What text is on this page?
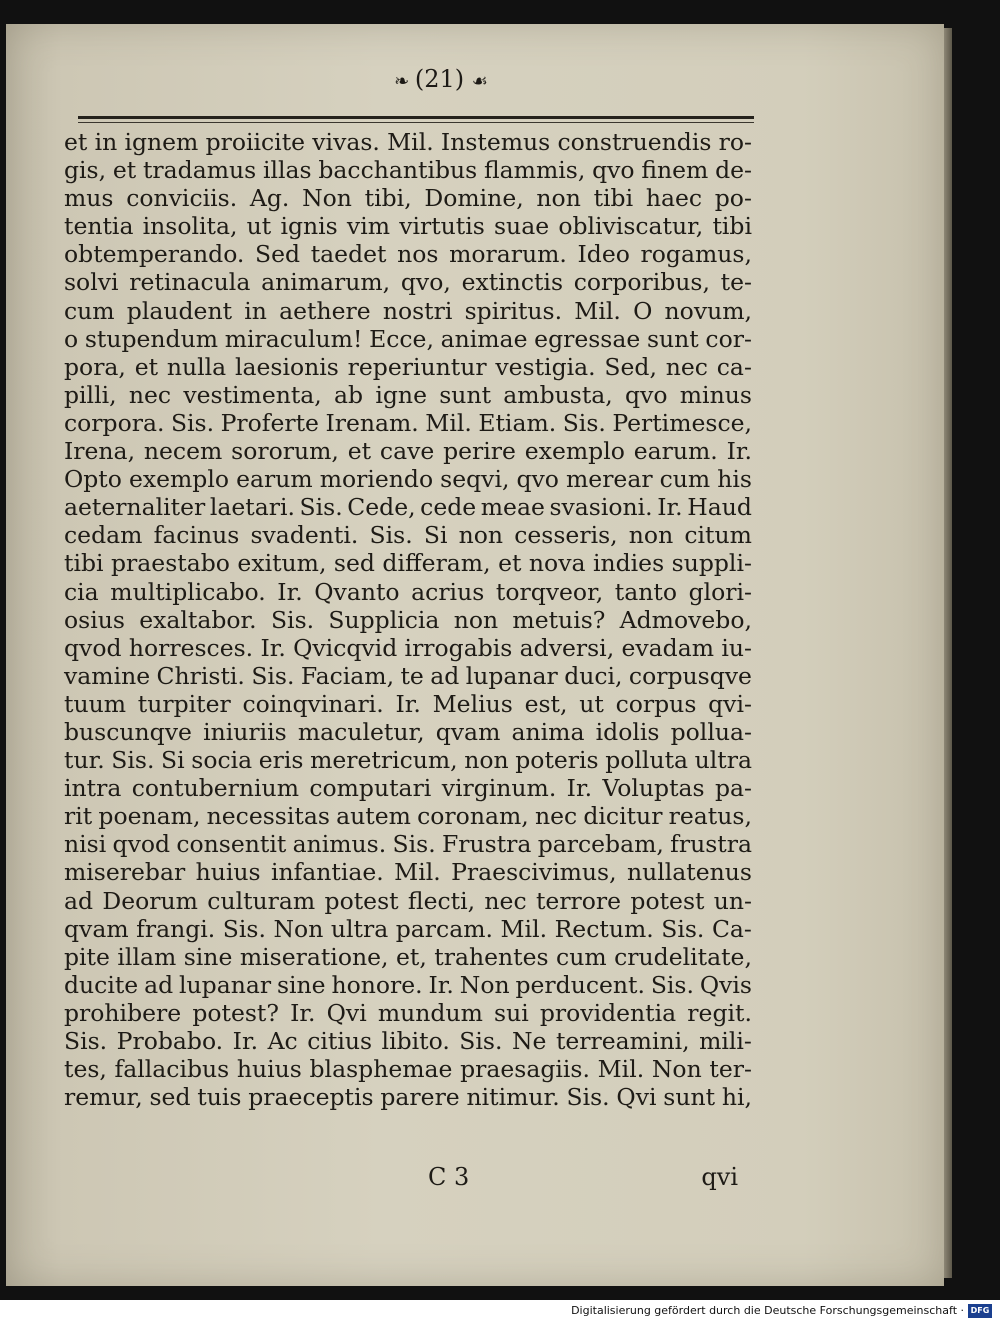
❧ (21) ☙
et in ignem proiicite vivas. Mil. Instemus construendis ro-
gis, et tradamus illas bacchantibus flammis, qvo finem de-
mus conviciis. Ag. Non tibi, Domine, non tibi haec po-
tentia insolita, ut ignis vim virtutis suae obliviscatur, tibi
obtemperando. Sed taedet nos morarum. Ideo rogamus,
solvi retinacula animarum, qvo, extinctis corporibus, te-
cum plaudent in aethere nostri spiritus. Mil. O novum,
o stupendum miraculum! Ecce, animae egressae sunt cor-
pora, et nulla laesionis reperiuntur vestigia. Sed, nec ca-
pilli, nec vestimenta, ab igne sunt ambusta, qvo minus
corpora. Sis. Proferte Irenam. Mil. Etiam. Sis. Pertimesce,
Irena, necem sororum, et cave perire exemplo earum. Ir.
Opto exemplo earum moriendo seqvi, qvo merear cum his
aeternaliter laetari. Sis. Cede, cede meae svasioni. Ir. Haud
cedam facinus svadenti. Sis. Si non cesseris, non citum
tibi praestabo exitum, sed differam, et nova indies suppli-
cia multiplicabo. Ir. Qvanto acrius torqveor, tanto glori-
osius exaltabor. Sis. Supplicia non metuis? Admovebo,
qvod horresces. Ir. Qvicqvid irrogabis adversi, evadam iu-
vamine Christi. Sis. Faciam, te ad lupanar duci, corpusqve
tuum turpiter coinqvinari. Ir. Melius est, ut corpus qvi-
buscunqve iniuriis maculetur, qvam anima idolis pollua-
tur. Sis. Si socia eris meretricum, non poteris polluta ultra
intra contubernium computari virginum. Ir. Voluptas pa-
rit poenam, necessitas autem coronam, nec dicitur reatus,
nisi qvod consentit animus. Sis. Frustra parcebam, frustra
miserebar huius infantiae. Mil. Praescivimus, nullatenus
ad Deorum culturam potest flecti, nec terrore potest un-
qvam frangi. Sis. Non ultra parcam. Mil. Rectum. Sis. Ca-
pite illam sine miseratione, et, trahentes cum crudelitate,
ducite ad lupanar sine honore. Ir. Non perducent. Sis. Qvis
prohibere potest? Ir. Qvi mundum sui providentia regit.
Sis. Probabo. Ir. Ac citius libito. Sis. Ne terreamini, mili-
tes, fallacibus huius blasphemae praesagiis. Mil. Non ter-
remur, sed tuis praeceptis parere nitimur. Sis. Qvi sunt hi,
C 3	qvi
Digitalisierung gefördert durch die Deutsche Forschungsgemeinschaft · DFG
